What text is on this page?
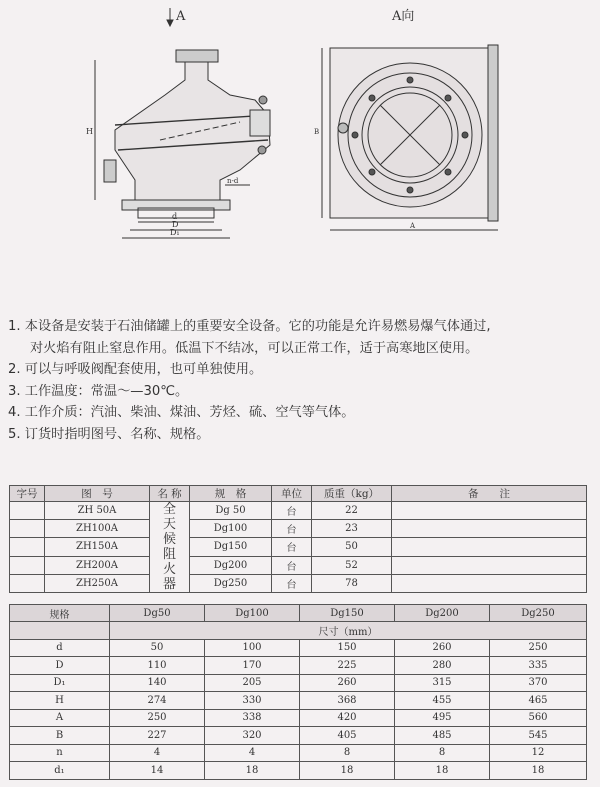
A	A向
H
d
D
D₁
n-d
B
A
1. 本设备是安装于石油储罐上的重要安全设备。它的功能是允许易燃易爆气体通过,
对火焰有阻止窒息作用。低温下不结冰，可以正常工作，适于高寒地区使用。
2. 可以与呼吸阀配套使用，也可单独使用。
3. 工作温度：常温～—30℃。
4. 工作介质：汽油、柴油、煤油、芳烃、硫、空气等气体。
5. 订货时指明图号、名称、规格。
字号	图　号	名 称	规　格	单位	质重（kg）	备　　注
	ZH 50A	全天候阻火器	Dg 50	台	22	
	ZH100A		Dg100	台	23	
	ZH150A		Dg150	台	50	
	ZH200A		Dg200	台	52	
	ZH250A		Dg250	台	78	
规格	Dg50	Dg100	Dg150	Dg200	Dg250
	尺寸（mm）				
d	50	100	150	260	250
D	110	170	225	280	335
D₁	140	205	260	315	370
H	274	330	368	455	465
A	250	338	420	495	560
B	227	320	405	485	545
n	4	4	8	8	12
d₁	14	18	18	18	18
